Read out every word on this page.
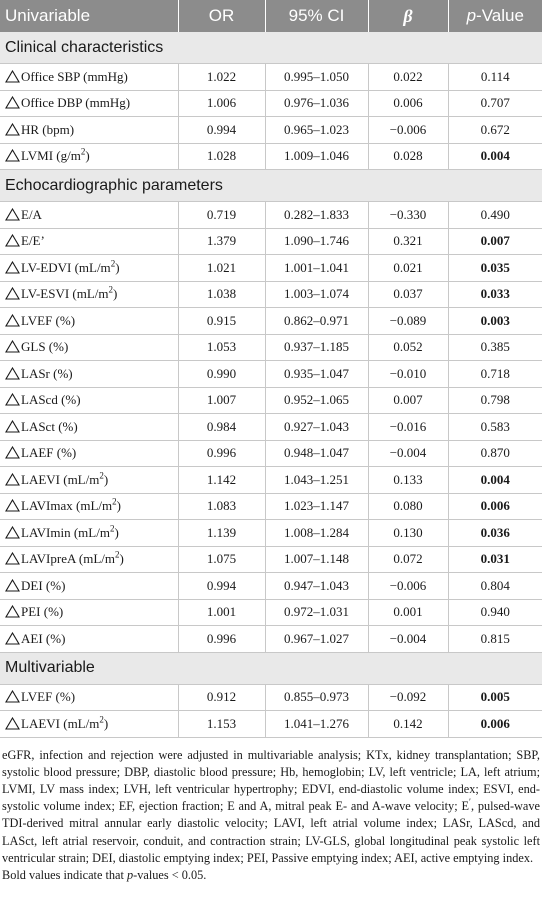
Univariable	OR	95% CI	β	p-Value
Clinical characteristics				
Office SBP (mmHg)	1.022	0.995–1.050	0.022	0.114
Office DBP (mmHg)	1.006	0.976–1.036	0.006	0.707
HR (bpm)	0.994	0.965–1.023	−0.006	0.672
LVMI $(g/m^2)$	1.028	1.009–1.046	0.028	0.004
Echocardiographic parameters				
E/A	0.719	0.282–1.833	−0.330	0.490
E/E’	1.379	1.090–1.746	0.321	0.007
LV-EDVI $(mL/m^2)$	1.021	1.001–1.041	0.021	0.035
LV-ESVI $(mL/m^2)$	1.038	1.003–1.074	0.037	0.033
LVEF (%)	0.915	0.862–0.971	−0.089	0.003
GLS (%)	1.053	0.937–1.185	0.052	0.385
LASr (%)	0.990	0.935–1.047	−0.010	0.718
LAScd (%)	1.007	0.952–1.065	0.007	0.798
LASct (%)	0.984	0.927–1.043	−0.016	0.583
LAEF (%)	0.996	0.948–1.047	−0.004	0.870
LAEVI $(mL/m^2)$	1.142	1.043–1.251	0.133	0.004
LAVImax $(mL/m^2)$	1.083	1.023–1.147	0.080	0.006
LAVImin $(mL/m^2)$	1.139	1.008–1.284	0.130	0.036
LAVIpreA $(mL/m^2)$	1.075	1.007–1.148	0.072	0.031
DEI (%)	0.994	0.947–1.043	−0.006	0.804
PEI (%)	1.001	0.972–1.031	0.001	0.940
AEI (%)	0.996	0.967–1.027	−0.004	0.815
Multivariable				
LVEF (%)	0.912	0.855–0.973	−0.092	0.005
LAEVI $(mL/m^2)$	1.153	1.041–1.276	0.142	0.006

eGFR, infection and rejection were adjusted in multivariable analysis; KTx, kidney transplantation; SBP, systolic blood pressure; DBP, diastolic blood pressure; Hb, hemoglobin; LV, left ventricle; LA, left atrium; LVMI, LV mass index; LVH, left ventricular hypertrophy; EDVI, end-diastolic volume index; ESVI, end-systolic volume index; EF, ejection fraction; E and A, mitral peak E- and A-wave velocity; E′, pulsed-wave TDI-derived mitral annular early diastolic velocity; LAVI, left atrial volume index; LASr, LAScd, and LASct, left atrial reservoir, conduit, and contraction strain; LV-GLS, global longitudinal peak systolic left ventricular strain; DEI, diastolic emptying index; PEI, Passive emptying index; AEI, active emptying index.

Bold values indicate that p-values < 0.05.
